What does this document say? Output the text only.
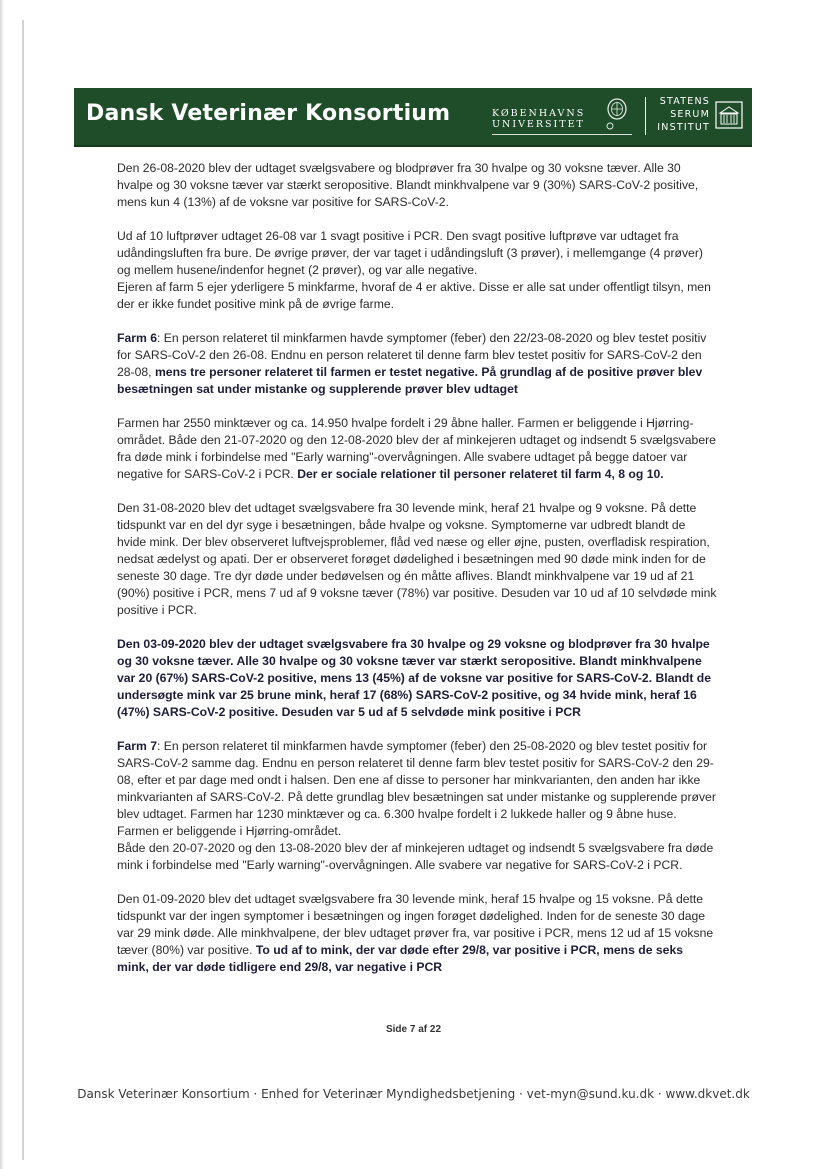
Dansk Veterinær Konsortium	KØBENHAVNS
UNIVERSITET
STATENS
SERUM
INSTITUT

Den 26-08-2020 blev der udtaget svælgsvabere og blodprøver fra 30 hvalpe og 30 voksne tæver. Alle 30 hvalpe og 30 voksne tæver var stærkt seropositive. Blandt minkhvalpene var 9 (30%) SARS-CoV-2 positive, mens kun 4 (13%) af de voksne var positive for SARS-CoV-2.

Ud af 10 luftprøver udtaget 26-08 var 1 svagt positive i PCR. Den svagt positive luftprøve var udtaget fra udåndingsluften fra bure. De øvrige prøver, der var taget i udåndingsluft (3 prøver), i mellemgange (4 prøver) og mellem husene/indenfor hegnet (2 prøver), og var alle negative.

Ejeren af farm 5 ejer yderligere 5 minkfarme, hvoraf de 4 er aktive. Disse er alle sat under offentligt tilsyn, men der er ikke fundet positive mink på de øvrige farme.

Farm 6: En person relateret til minkfarmen havde symptomer (feber) den 22/23-08-2020 og blev testet positiv for SARS-CoV-2 den 26-08. Endnu en person relateret til denne farm blev testet positiv for SARS-CoV-2 den 28-08, mens tre personer relateret til farmen er testet negative. På grundlag af de positive prøver blev besætningen sat under mistanke og supplerende prøver blev udtaget

Farmen har 2550 minktæver og ca. 14.950 hvalpe fordelt i 29 åbne haller. Farmen er beliggende i Hjørring-området. Både den 21-07-2020 og den 12-08-2020 blev der af minkejeren udtaget og indsendt 5 svælgsvabere fra døde mink i forbindelse med "Early warning"-overvågningen. Alle svabere udtaget på begge datoer var negative for SARS-CoV-2 i PCR. Der er sociale relationer til personer relateret til farm 4, 8 og 10.

Den 31-08-2020 blev det udtaget svælgsvabere fra 30 levende mink, heraf 21 hvalpe og 9 voksne. På dette tidspunkt var en del dyr syge i besætningen, både hvalpe og voksne. Symptomerne var udbredt blandt de hvide mink. Der blev observeret luftvejsproblemer, flåd ved næse og eller øjne, pusten, overfladisk respiration, nedsat ædelyst og apati. Der er observeret forøget dødelighed i besætningen med 90 døde mink inden for de seneste 30 dage. Tre dyr døde under bedøvelsen og én måtte aflives. Blandt minkhvalpene var 19 ud af 21 (90%) positive i PCR, mens 7 ud af 9 voksne tæver (78%) var positive. Desuden var 10 ud af 10 selvdøde mink positive i PCR.

Den 03-09-2020 blev der udtaget svælgsvabere fra 30 hvalpe og 29 voksne og blodprøver fra 30 hvalpe og 30 voksne tæver. Alle 30 hvalpe og 30 voksne tæver var stærkt seropositive. Blandt minkhvalpene var 20 (67%) SARS-CoV-2 positive, mens 13 (45%) af de voksne var positive for SARS-CoV-2. Blandt de undersøgte mink var 25 brune mink, heraf 17 (68%) SARS-CoV-2 positive, og 34 hvide mink, heraf 16 (47%) SARS-CoV-2 positive. Desuden var 5 ud af 5 selvdøde mink positive i PCR

Farm 7: En person relateret til minkfarmen havde symptomer (feber) den 25-08-2020 og blev testet positiv for SARS-CoV-2 samme dag. Endnu en person relateret til denne farm blev testet positiv for SARS-CoV-2 den 29-08, efter et par dage med ondt i halsen. Den ene af disse to personer har minkvarianten, den anden har ikke minkvarianten af SARS-CoV-2. På dette grundlag blev besætningen sat under mistanke og supplerende prøver blev udtaget. Farmen har 1230 minktæver og ca. 6.300 hvalpe fordelt i 2 lukkede haller og 9 åbne huse. Farmen er beliggende i Hjørring-området.

Både den 20-07-2020 og den 13-08-2020 blev der af minkejeren udtaget og indsendt 5 svælgsvabere fra døde mink i forbindelse med "Early warning"-overvågningen. Alle svabere var negative for SARS-CoV-2 i PCR.

Den 01-09-2020 blev det udtaget svælgsvabere fra 30 levende mink, heraf 15 hvalpe og 15 voksne. På dette tidspunkt var der ingen symptomer i besætningen og ingen forøget dødelighed. Inden for de seneste 30 dage var 29 mink døde. Alle minkhvalpene, der blev udtaget prøver fra, var positive i PCR, mens 12 ud af 15 voksne tæver (80%) var positive. To ud af to mink, der var døde efter 29/8, var positive i PCR, mens de seks mink, der var døde tidligere end 29/8, var negative i PCR

Side 7 af 22
Dansk Veterinær Konsortium · Enhed for Veterinær Myndighedsbetjening · vet-myn@sund.ku.dk · www.dkvet.dk
